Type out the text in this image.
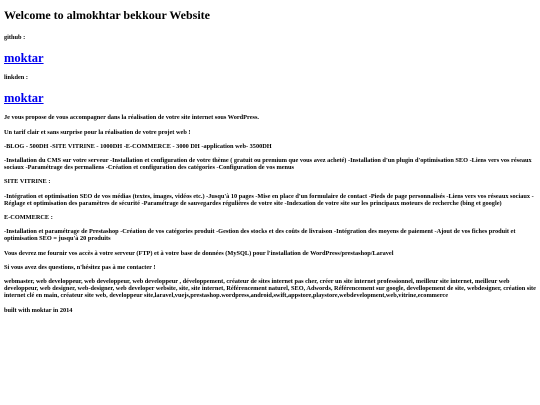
Welcome to almokhtar bekkour Website

github :

moktar

linkden :

moktar

Je vous propose de vous accompagner dans la réalisation de votre site internet sous WordPress.

Un tarif clair et sans surprise pour la réalisation de votre projet web !

-BLOG - 500DH -SITE VITRINE - 1000DH -E-COMMERCE - 3000 DH -application web- 3500DH

-Installation du CMS sur votre serveur -Installation et configuration de votre thème ( gratuit ou premium que vous avez acheté) -Installation d'un plugin d'optimisation SEO -Liens vers vos réseaux sociaux -Paramétrage des permaliens -Création et configuration des catégories -Configuration de vos menus

SITE VITRINE :

-Intégration et optimisation SEO de vos médias (textes, images, vidéos etc.) -Jusqu'à 10 pages -Mise en place d'un formulaire de contact -Pieds de page personnalisés -Liens vers vos réseaux sociaux -Réglage et optimisation des paramètres de sécurité -Paramétrage de sauvegardes régulières de votre site -Indexation de votre site sur les principaux moteurs de recherche (bing et google)

E-COMMERCE :

-Installation et paramétrage de Prestashop -Création de vos catégories produit -Gestion des stocks et des coûts de livraison -Intégration des moyens de paiement -Ajout de vos fiches produit et optimisation SEO = jusqu'à 20 produits

Vous devrez me fournir vos accès à votre serveur (FTP) et à votre base de données (MySQL) pour l'installation de WordPress/prestashop/Laravel

Si vous avez des questions, n'hésitez pas à me contacter !

webmaster, web developpeur, web developpeur, web developpeur , développement, créateur de sites internet pas cher, créer un site internet professionnel, meilleur site internet, meilleur web developpeur, web designer, web-designer, web developer website, site, site internet, Référencement naturel, SEO, Adwords, Référencement sur google, devellopement de site, webdesigner, création site internet clé en main, créateur site web, developpeur site,laravel,vuejs,prestashop.wordpress,android,swift,appstore,playstore,webdevelopment,web,vitrine,ecommerce

built with moktar in 2014
